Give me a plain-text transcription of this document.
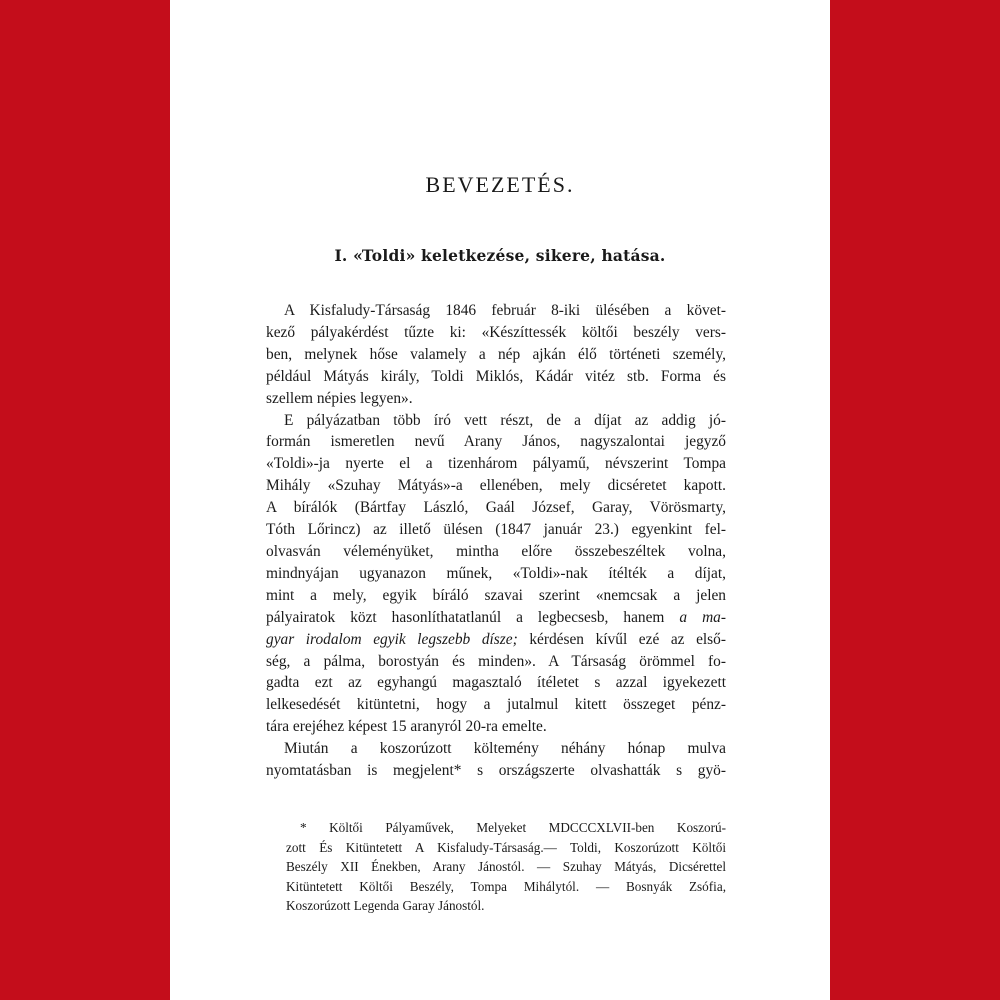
BEVEZETÉS.
I. «Toldi» keletkezése, sikere, hatása.

A Kisfaludy-Társaság 1846 február 8-iki ülésében a követ-
kező pályakérdést tűzte ki: «Készíttessék költői beszély vers-
ben, melynek hőse valamely a nép ajkán élő történeti személy,
például Mátyás király, Toldi Miklós, Kádár vitéz stb. Forma és
szellem népies legyen».

E pályázatban több író vett részt, de a díjat az addig jó-
formán ismeretlen nevű Arany János, nagyszalontai jegyző
«Toldi»-ja nyerte el a tizenhárom pályamű, névszerint Tompa
Mihály «Szuhay Mátyás»-a ellenében, mely dicséretet kapott.
A bírálók (Bártfay László, Gaál József, Garay, Vörösmarty,
Tóth Lőrincz) az illető ülésen (1847 január 23.) egyenkint fel-
olvasván véleményüket, mintha előre összebeszéltek volna,
mindnyájan ugyanazon műnek, «Toldi»-nak ítélték a díjat,
mint a mely, egyik bíráló szavai szerint «nemcsak a jelen
pályairatok közt hasonlíthatatlanúl a legbecsesb, hanem a ma-
gyar irodalom egyik legszebb dísze; kérdésen kívűl ezé az első-
ség, a pálma, borostyán és minden». A Társaság örömmel fo-
gadta ezt az egyhangú magasztaló ítéletet s azzal igyekezett
lelkesedését kitüntetni, hogy a jutalmul kitett összeget pénz-
tára erejéhez képest 15 aranyról 20-ra emelte.

Miután a koszorúzott költemény néhány hónap mulva
nyomtatásban is megjelent* s országszerte olvashatták s gyö-

* Költői Pályaművek, Melyeket MDCCCXLVII-ben Koszorú-
zott És Kitüntetett A Kisfaludy-Társaság.— Toldi, Koszorúzott Költői
Beszély XII Énekben, Arany Jánostól. — Szuhay Mátyás, Dicsérettel
Kitüntetett Költői Beszély, Tompa Mihálytól. — Bosnyák Zsófia,
Koszorúzott Legenda Garay Jánostól.
